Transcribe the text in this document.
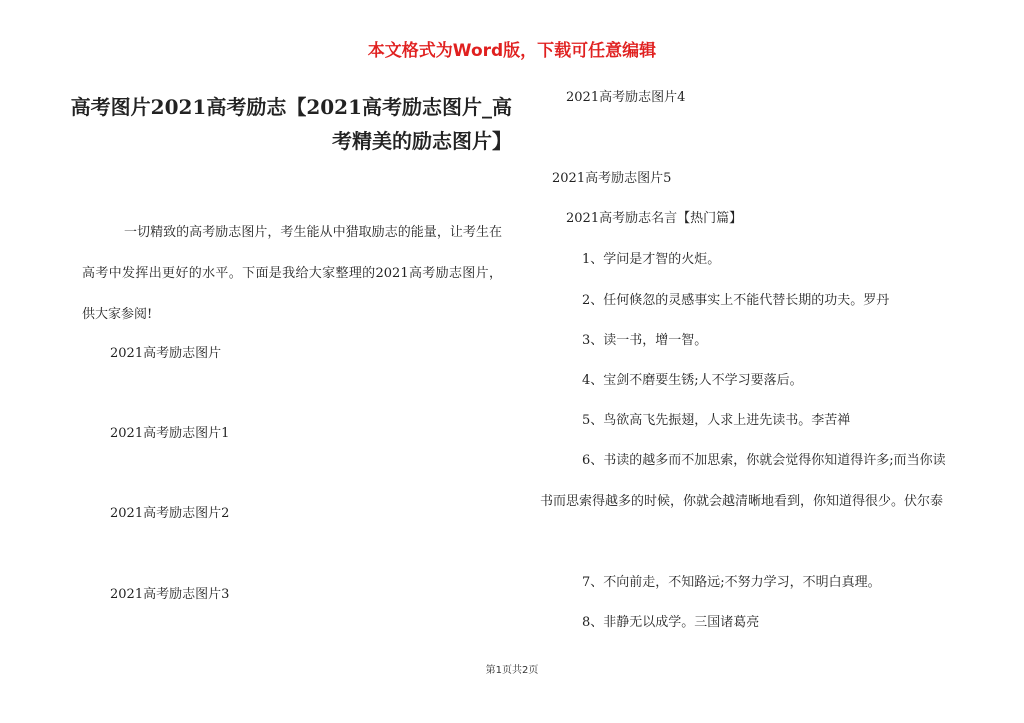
本文格式为Word版，下载可任意编辑
高考图片2021高考励志【2021高考励志图片_高考精美的励志图片】
一切精致的高考励志图片，考生能从中猎取励志的能量，让考生在高考中发挥出更好的水平。下面是我给大家整理的2021高考励志图片，供大家参阅!
2021高考励志图片
2021高考励志图片1
2021高考励志图片2
2021高考励志图片3
2021高考励志图片4
2021高考励志图片5
2021高考励志名言【热门篇】
1、学问是才智的火炬。
2、任何倏忽的灵感事实上不能代替长期的功夫。罗丹
3、读一书，增一智。
4、宝剑不磨要生锈;人不学习要落后。
5、鸟欲高飞先振翅，人求上进先读书。李苦禅
6、书读的越多而不加思索，你就会觉得你知道得许多;而当你读书而思索得越多的时候，你就会越清晰地看到，你知道得很少。伏尔泰
7、不向前走，不知路远;不努力学习，不明白真理。
8、非静无以成学。三国诸葛亮
第1页共2页
